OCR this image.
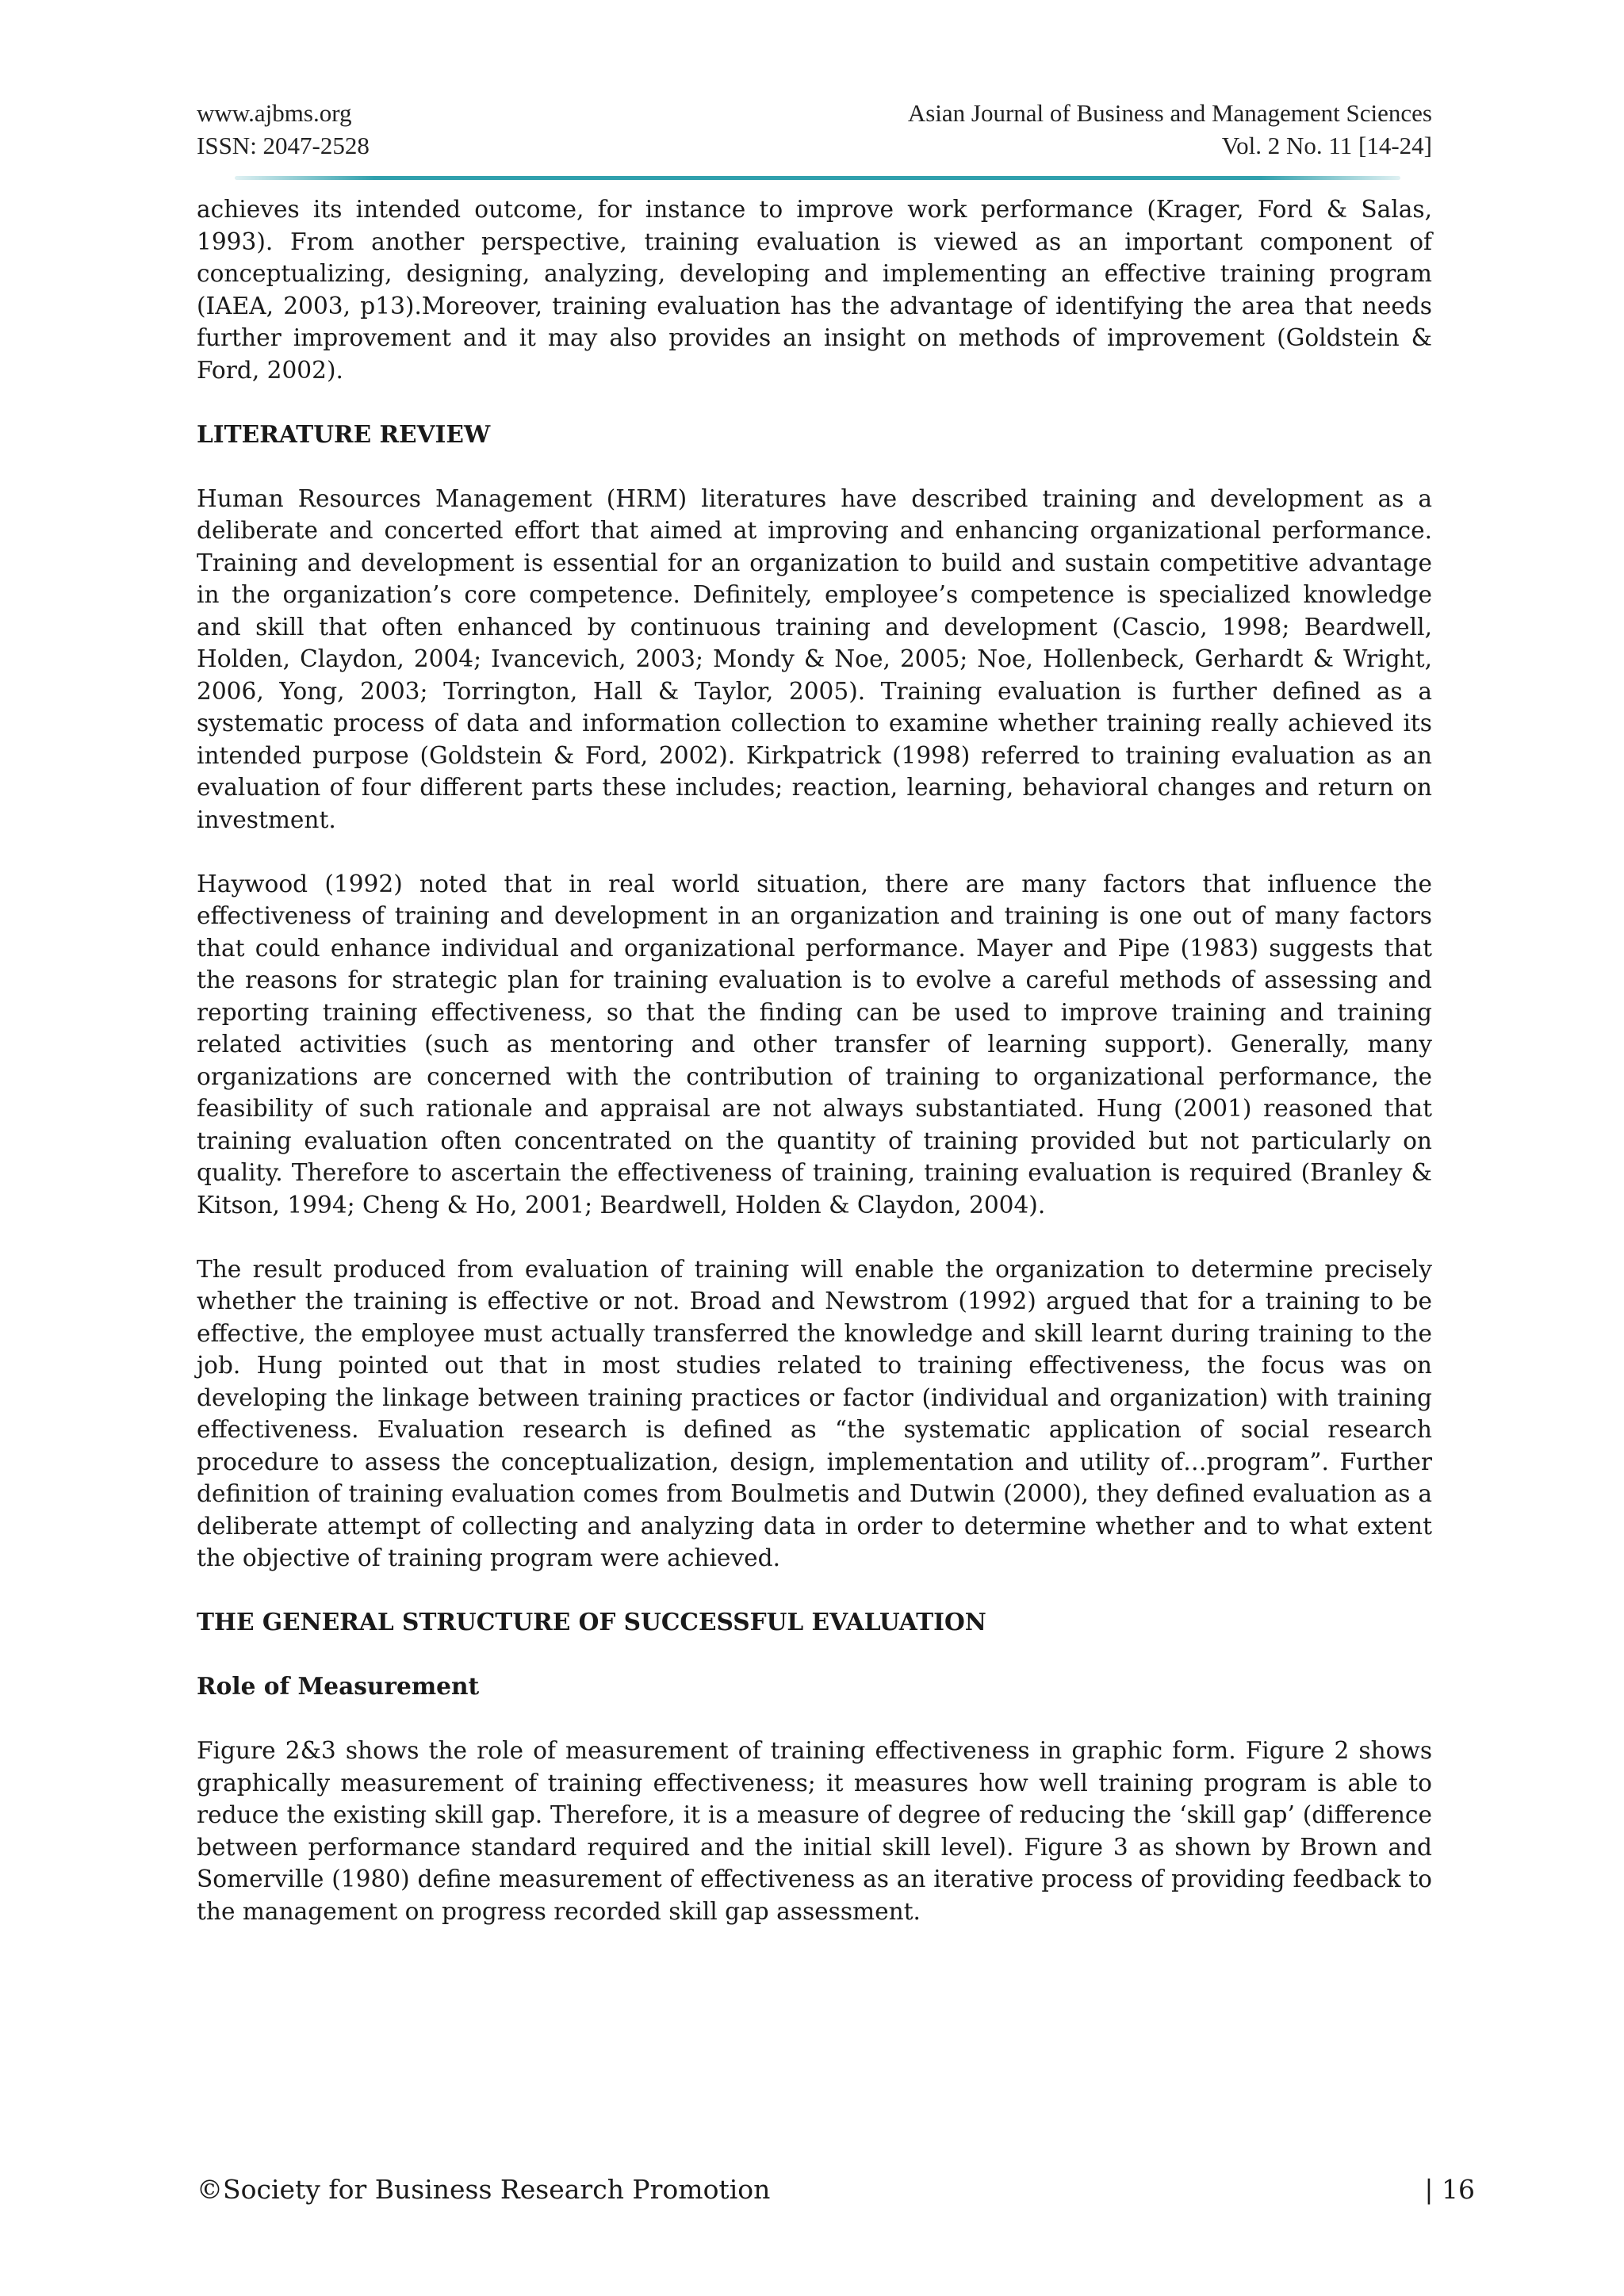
www.ajbms.org	Asian Journal of Business and Management Sciences
ISSN: 2047-2528	Vol. 2 No. 11 [14-24]

achieves its intended outcome, for instance to improve work performance (Krager, Ford & Salas, 1993). From another perspective, training evaluation is viewed as an important component of conceptualizing, designing, analyzing, developing and implementing an effective training program (IAEA, 2003, p13).Moreover, training evaluation has the advantage of identifying the area that needs further improvement and it may also provides an insight on methods of improvement (Goldstein & Ford, 2002).

LITERATURE REVIEW

Human Resources Management (HRM) literatures have described training and development as a deliberate and concerted effort that aimed at improving and enhancing organizational performance. Training and development is essential for an organization to build and sustain competitive advantage in the organization’s core competence. Definitely, employee’s competence is specialized knowledge and skill that often enhanced by continuous training and development (Cascio, 1998; Beardwell, Holden, Claydon, 2004; Ivancevich, 2003; Mondy & Noe, 2005; Noe, Hollenbeck, Gerhardt & Wright, 2006, Yong, 2003; Torrington, Hall & Taylor, 2005). Training evaluation is further defined as a systematic process of data and information collection to examine whether training really achieved its intended purpose (Goldstein & Ford, 2002). Kirkpatrick (1998) referred to training evaluation as an evaluation of four different parts these includes; reaction, learning, behavioral changes and return on investment.

Haywood (1992) noted that in real world situation, there are many factors that influence the effectiveness of training and development in an organization and training is one out of many factors that could enhance individual and organizational performance. Mayer and Pipe (1983) suggests that the reasons for strategic plan for training evaluation is to evolve a careful methods of assessing and reporting training effectiveness, so that the finding can be used to improve training and training related activities (such as mentoring and other transfer of learning support). Generally, many organizations are concerned with the contribution of training to organizational performance, the feasibility of such rationale and appraisal are not always substantiated. Hung (2001) reasoned that training evaluation often concentrated on the quantity of training provided but not particularly on quality. Therefore to ascertain the effectiveness of training, training evaluation is required (Branley & Kitson, 1994; Cheng & Ho, 2001; Beardwell, Holden & Claydon, 2004).

The result produced from evaluation of training will enable the organization to determine precisely whether the training is effective or not. Broad and Newstrom (1992) argued that for a training to be effective, the employee must actually transferred the knowledge and skill learnt during training to the job. Hung pointed out that in most studies related to training effectiveness, the focus was on developing the linkage between training practices or factor (individual and organization) with training effectiveness. Evaluation research is defined as “the systematic application of social research procedure to assess the conceptualization, design, implementation and utility of…program”. Further definition of training evaluation comes from Boulmetis and Dutwin (2000), they defined evaluation as a deliberate attempt of collecting and analyzing data in order to determine whether and to what extent the objective of training program were achieved.

THE GENERAL STRUCTURE OF SUCCESSFUL EVALUATION
Role of Measurement

Figure 2&3 shows the role of measurement of training effectiveness in graphic form. Figure 2 shows graphically measurement of training effectiveness; it measures how well training program is able to reduce the existing skill gap. Therefore, it is a measure of degree of reducing the ‘skill gap’ (difference between performance standard required and the initial skill level). Figure 3 as shown by Brown and Somerville (1980) define measurement of effectiveness as an iterative process of providing feedback to the management on progress recorded skill gap assessment.

©Society for Business Research Promotion	| 16
